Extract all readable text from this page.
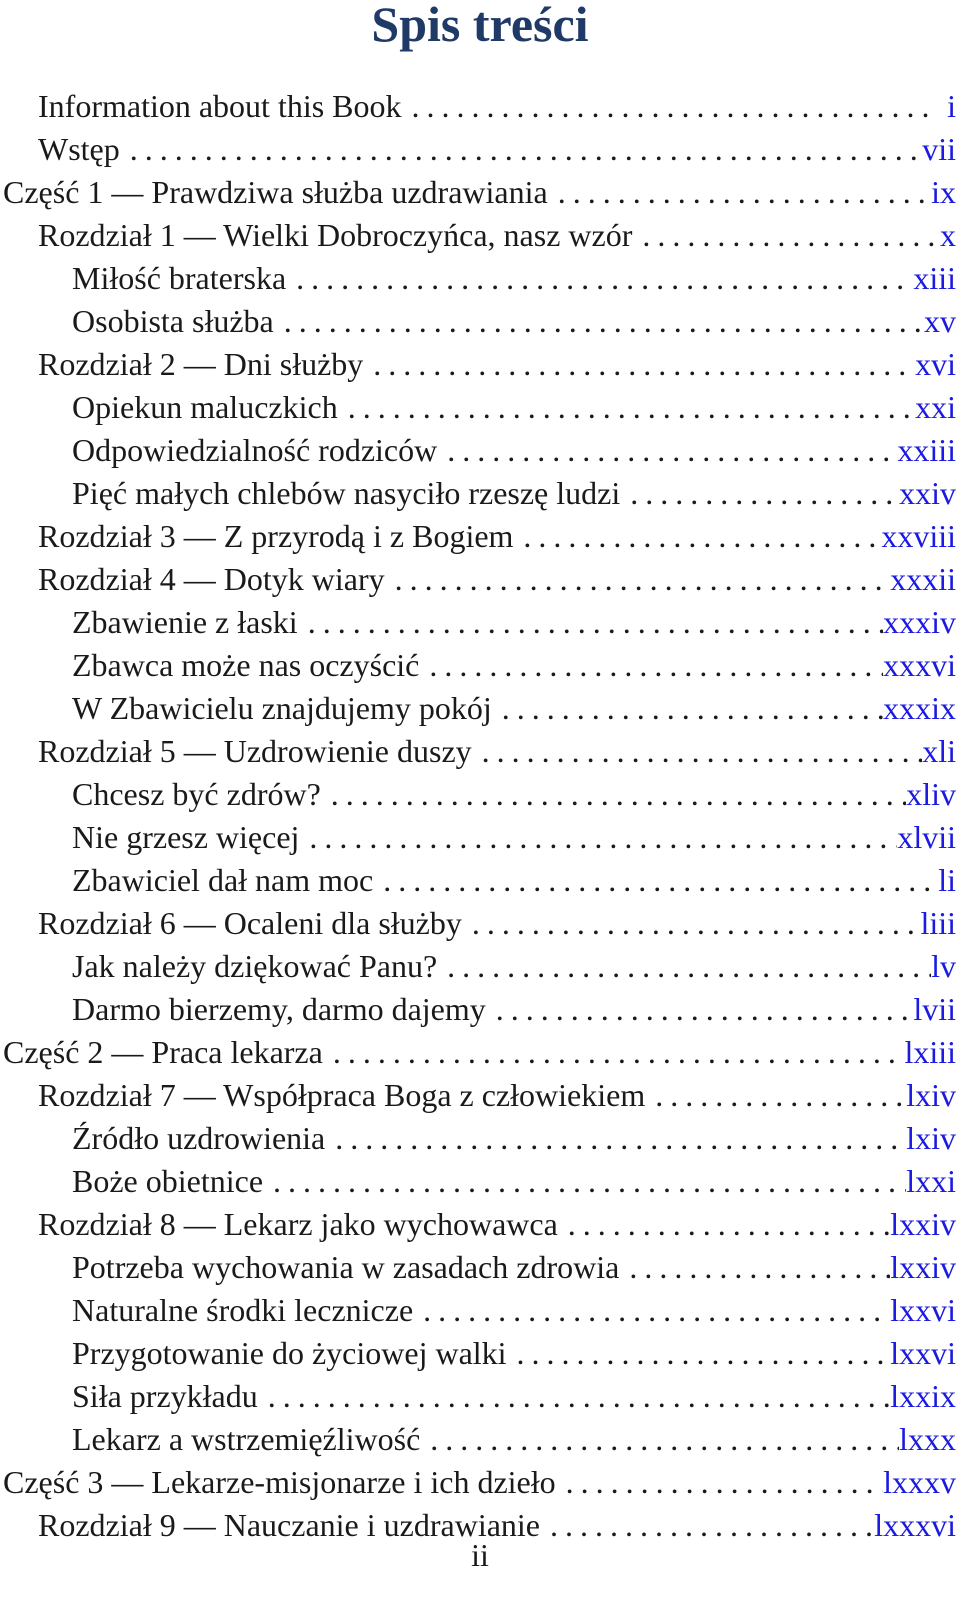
Spis treści
Information about this Book .....	i
Wstęp .....	vii
Część 1 — Prawdziwa służba uzdrawiania .....	ix
Rozdział 1 — Wielki Dobroczyńca, nasz wzór .....	x
Miłość braterska .....	xiii
Osobista służba .....	xv
Rozdział 2 — Dni służby .....	xvi
Opiekun maluczkich .....	xxi
Odpowiedzialność rodziców .....	xxiii
Pięć małych chlebów nasyciło rzeszę ludzi .....	xxiv
Rozdział 3 — Z przyrodą i z Bogiem .....	xxviii
Rozdział 4 — Dotyk wiary .....	xxxii
Zbawienie z łaski .....	xxxiv
Zbawca może nas oczyścić .....	xxxvi
W Zbawicielu znajdujemy pokój .....	xxxix
Rozdział 5 — Uzdrowienie duszy .....	xli
Chcesz być zdrów? .....	xliv
Nie grzesz więcej .....	xlvii
Zbawiciel dał nam moc .....	li
Rozdział 6 — Ocaleni dla służby .....	liii
Jak należy dziękować Panu? .....	lv
Darmo bierzemy, darmo dajemy .....	lvii
Część 2 — Praca lekarza .....	lxiii
Rozdział 7 — Współpraca Boga z człowiekiem .....	lxiv
Źródło uzdrowienia .....	lxiv
Boże obietnice .....	lxxi
Rozdział 8 — Lekarz jako wychowawca .....	lxxiv
Potrzeba wychowania w zasadach zdrowia .....	lxxiv
Naturalne środki lecznicze .....	lxxvi
Przygotowanie do życiowej walki .....	lxxvi
Siła przykładu .....	lxxix
Lekarz a wstrzemięźliwość .....	lxxx
Część 3 — Lekarze-misjonarze i ich dzieło .....	lxxxv
Rozdział 9 — Nauczanie i uzdrawianie .....	lxxxvi
ii
